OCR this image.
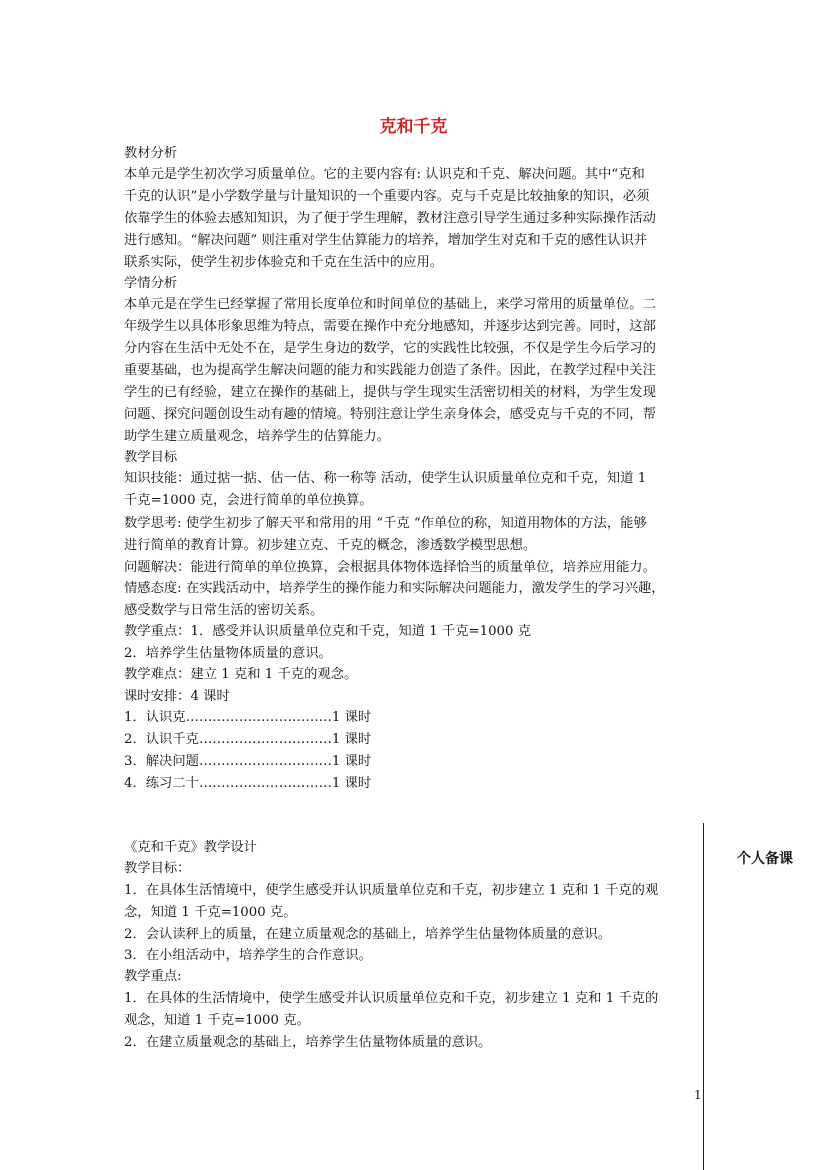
克和千克
教材分析
本单元是学生初次学习质量单位。它的主要内容有: 认识克和千克、解决问题。其中“克和
千克的认识”是小学数学量与计量知识的一个重要内容。克与千克是比较抽象的知识，必须
依靠学生的体验去感知知识，为了便于学生理解，教材注意引导学生通过多种实际操作活动
进行感知。“解决问题” 则注重对学生估算能力的培养，增加学生对克和千克的感性认识并
联系实际，使学生初步体验克和千克在生活中的应用。
学情分析
本单元是在学生已经掌握了常用长度单位和时间单位的基础上，来学习常用的质量单位。二
年级学生以具体形象思维为特点，需要在操作中充分地感知，并逐步达到完善。同时，这部
分内容在生活中无处不在，是学生身边的数学，它的实践性比较强，不仅是学生今后学习的
重要基础，也为提高学生解决问题的能力和实践能力创造了条件。因此，在教学过程中关注
学生的已有经验，建立在操作的基础上，提供与学生现实生活密切相关的材料，为学生发现
问题、探究问题创设生动有趣的情境。特别注意让学生亲身体会，感受克与千克的不同，帮
助学生建立质量观念，培养学生的估算能力。
教学目标
知识技能：通过掂一掂、估一估、称一称等 活动，使学生认识质量单位克和千克，知道 1
千克=1000 克，会进行简单的单位换算。
数学思考: 使学生初步了解天平和常用的用 “千克 “作单位的称，知道用物体的方法，能够
进行简单的教育计算。初步建立克、千克的概念，渗透数学模型思想。
问题解决：能进行简单的单位换算，会根据具体物体选择恰当的质量单位，培养应用能力。
情感态度: 在实践活动中，培养学生的操作能力和实际解决问题能力，激发学生的学习兴趣，
感受数学与日常生活的密切关系。
教学重点：1．感受并认识质量单位克和千克，知道 1 千克=1000 克
2．培养学生估量物体质量的意识。
教学难点：建立 1 克和 1 千克的观念。
课时安排：4 课时
1．认识克……………………………1 课时
2．认识千克…………………………1 课时
3．解决问题…………………………1 课时
4．练习二十…………………………1 课时
《克和千克》教学设计
教学目标：
1．在具体生活情境中，使学生感受并认识质量单位克和千克，初步建立 1 克和 1 千克的观
念，知道 1 千克=1000 克。
2．会认读秤上的质量，在建立质量观念的基础上，培养学生估量物体质量的意识。
3．在小组活动中，培养学生的合作意识。
教学重点:
1．在具体的生活情境中，使学生感受并认识质量单位克和千克，初步建立 1 克和 1 千克的
观念，知道 1 千克=1000 克。
2．在建立质量观念的基础上，培养学生估量物体质量的意识。
个人备课
1
